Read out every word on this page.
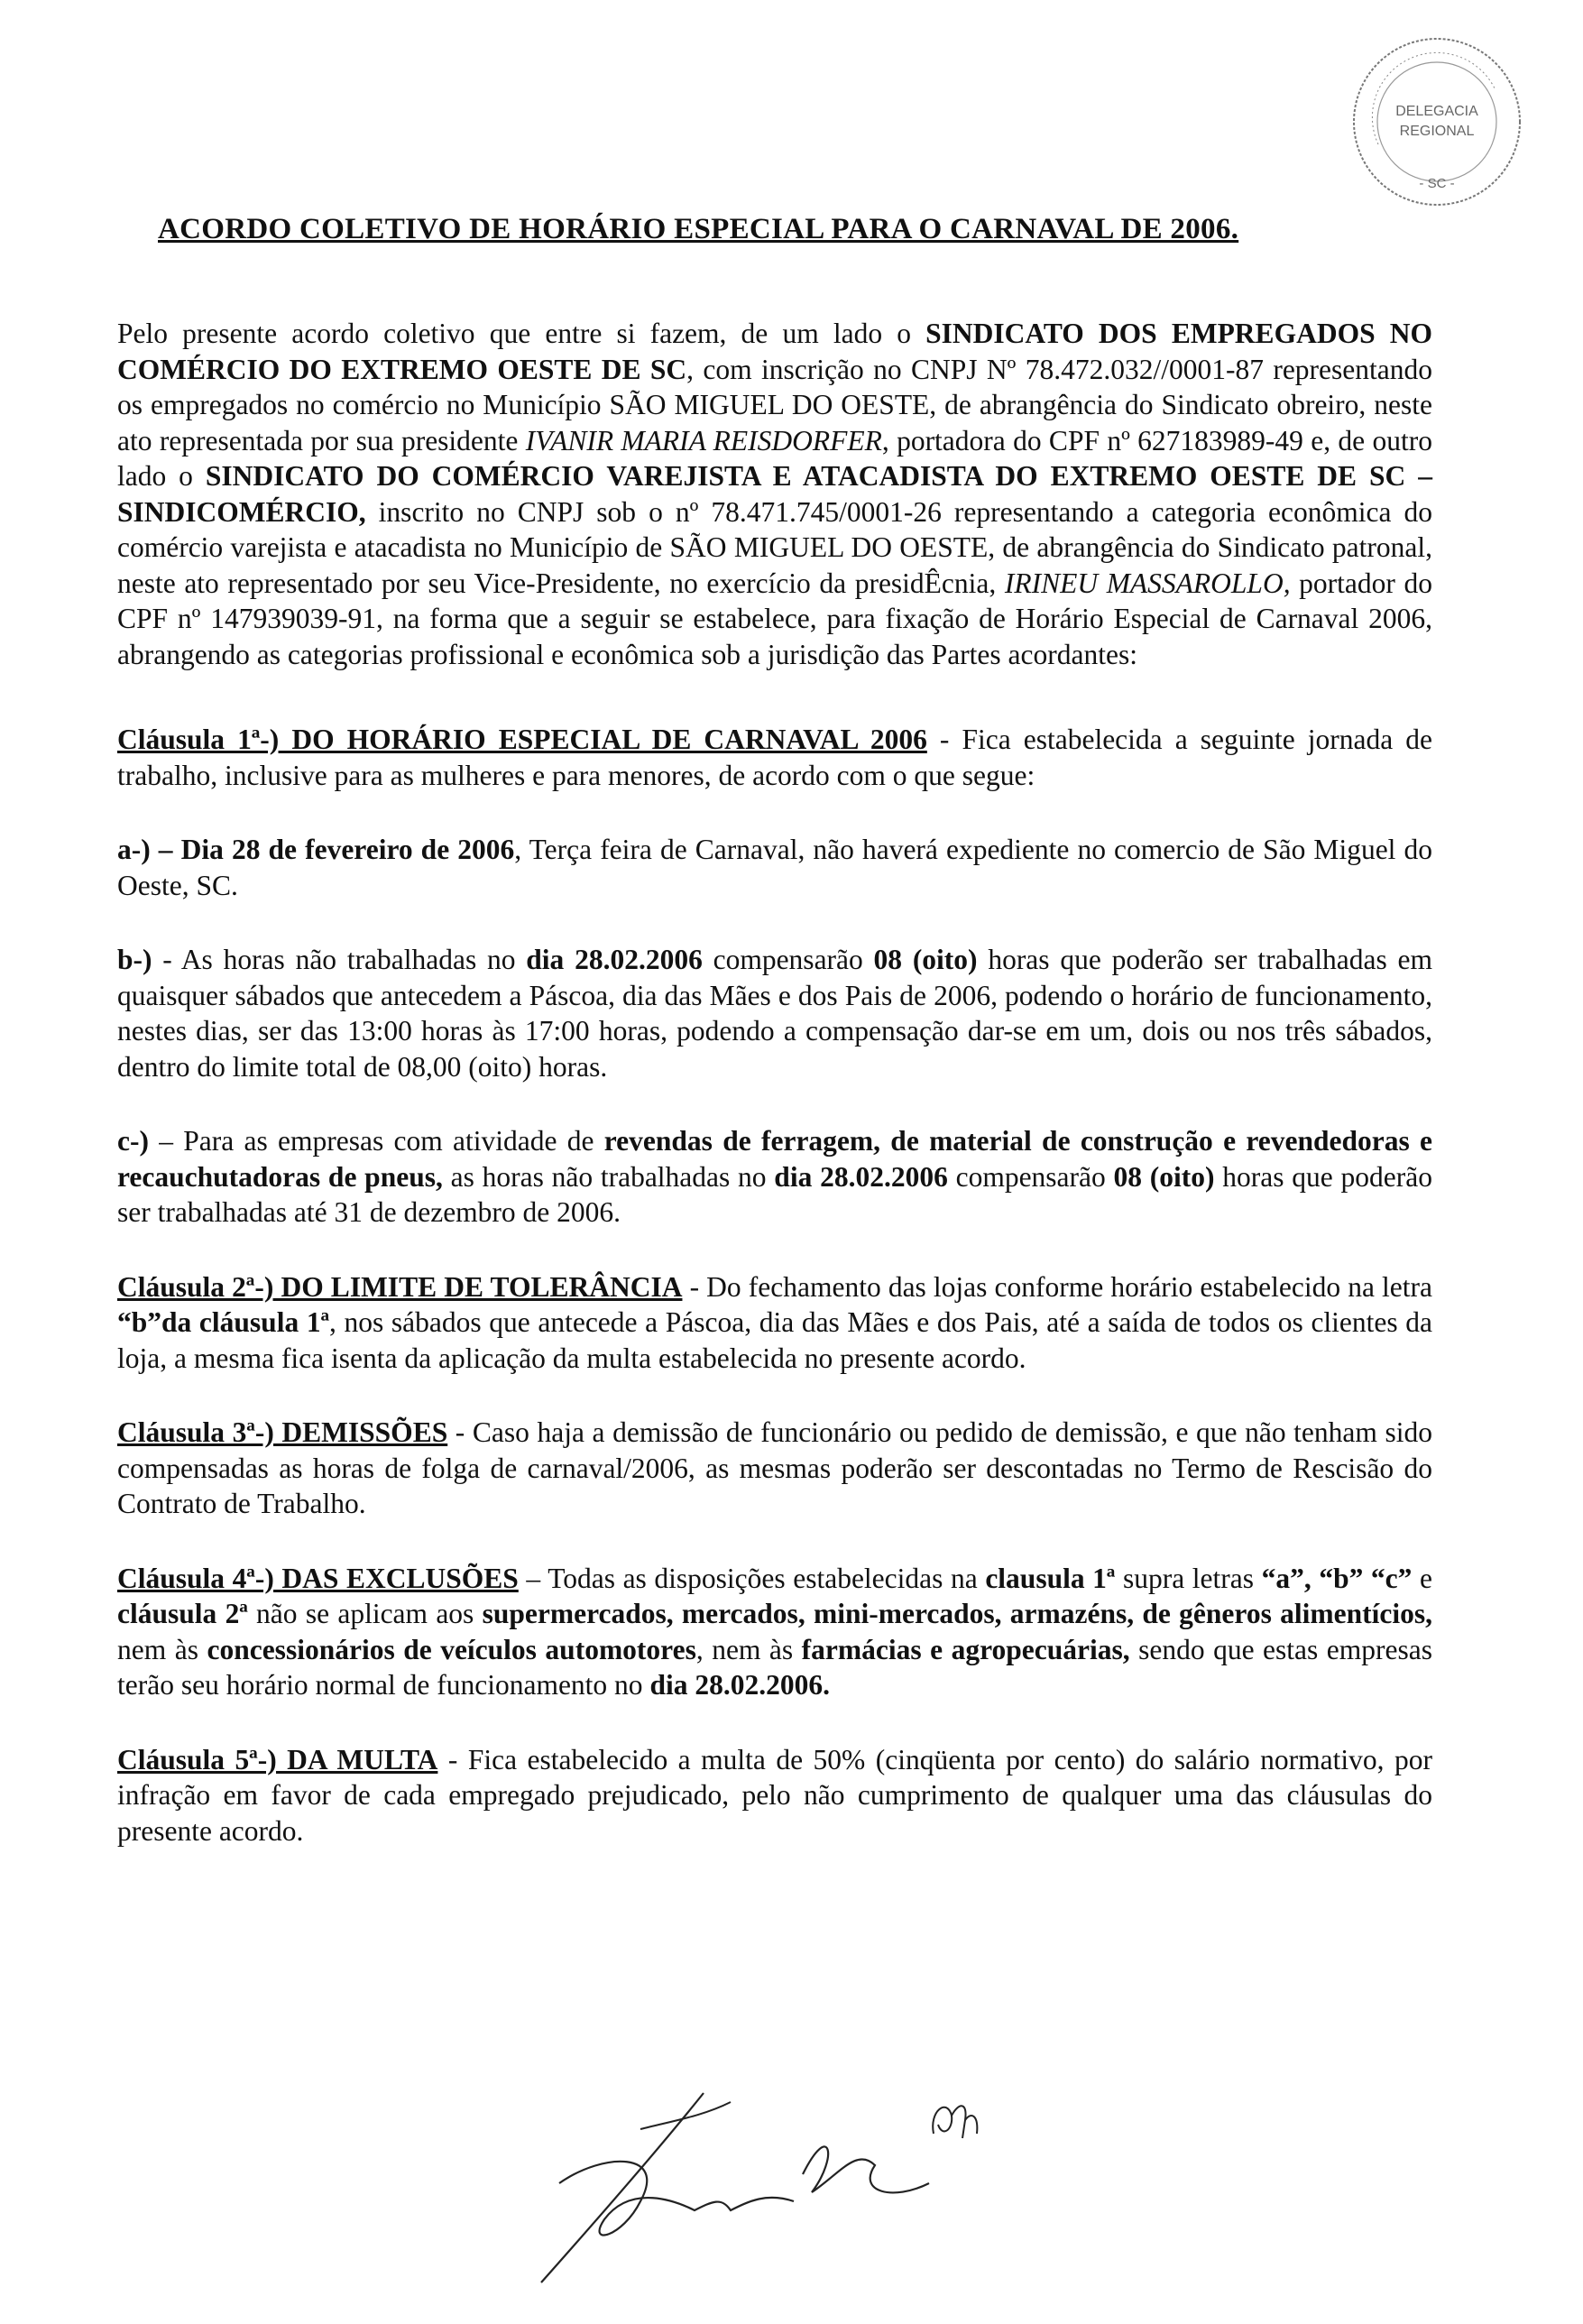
DELEGACIA
REGIONAL
- SC -
ACORDO COLETIVO DE HORÁRIO ESPECIAL PARA O CARNAVAL DE 2006.

Pelo presente acordo coletivo que entre si fazem, de um lado o SINDICATO DOS EMPREGADOS NO COMÉRCIO DO EXTREMO OESTE DE SC, com inscrição no CNPJ Nº 78.472.032//0001-87 representando os empregados no comércio no Município SÃO MIGUEL DO OESTE, de abrangência do Sindicato obreiro, neste ato representada por sua presidente IVANIR MARIA REISDORFER, portadora do CPF nº 627183989-49 e, de outro lado o SINDICATO DO COMÉRCIO VAREJISTA E ATACADISTA DO EXTREMO OESTE DE SC – SINDICOMÉRCIO, inscrito no CNPJ sob o nº 78.471.745/0001-26 representando a categoria econômica do comércio varejista e atacadista no Município de SÃO MIGUEL DO OESTE, de abrangência do Sindicato patronal, neste ato representado por seu Vice-Presidente, no exercício da presidÊcnia, IRINEU MASSAROLLO, portador do CPF nº 147939039-91, na forma que a seguir se estabelece, para fixação de Horário Especial de Carnaval 2006, abrangendo as categorias profissional e econômica sob a jurisdição das Partes acordantes:

Cláusula 1ª-) DO HORÁRIO ESPECIAL DE CARNAVAL 2006 - Fica estabelecida a seguinte jornada de trabalho, inclusive para as mulheres e para menores, de acordo com o que segue:

a-) – Dia 28 de fevereiro de 2006, Terça feira de Carnaval, não haverá expediente no comercio de São Miguel do Oeste, SC.

b-) - As horas não trabalhadas no dia 28.02.2006 compensarão 08 (oito) horas que poderão ser trabalhadas em quaisquer sábados que antecedem a Páscoa, dia das Mães e dos Pais de 2006, podendo o horário de funcionamento, nestes dias, ser das 13:00 horas às 17:00 horas, podendo a compensação dar-se em um, dois ou nos três sábados, dentro do limite total de 08,00 (oito) horas.

c-) – Para as empresas com atividade de revendas de ferragem, de material de construção e revendedoras e recauchutadoras de pneus, as horas não trabalhadas no dia 28.02.2006 compensarão 08 (oito) horas que poderão ser trabalhadas até 31 de dezembro de 2006.

Cláusula 2ª-) DO LIMITE DE TOLERÂNCIA - Do fechamento das lojas conforme horário estabelecido na letra “b”da cláusula 1ª, nos sábados que antecede a Páscoa, dia das Mães e dos Pais, até a saída de todos os clientes da loja, a mesma fica isenta da aplicação da multa estabelecida no presente acordo.

Cláusula 3ª-) DEMISSÕES - Caso haja a demissão de funcionário ou pedido de demissão, e que não tenham sido compensadas as horas de folga de carnaval/2006, as mesmas poderão ser descontadas no Termo de Rescisão do Contrato de Trabalho.

Cláusula 4ª-) DAS EXCLUSÕES – Todas as disposições estabelecidas na clausula 1ª supra letras “a”, “b” “c” e cláusula 2ª não se aplicam aos supermercados, mercados, mini-mercados, armazéns, de gêneros alimentícios, nem às concessionários de veículos automotores, nem às farmácias e agropecuárias, sendo que estas empresas terão seu horário normal de funcionamento no dia 28.02.2006.

Cláusula 5ª-) DA MULTA - Fica estabelecido a multa de 50% (cinqüenta por cento) do salário normativo, por infração em favor de cada empregado prejudicado, pelo não cumprimento de qualquer uma das cláusulas do presente acordo.
